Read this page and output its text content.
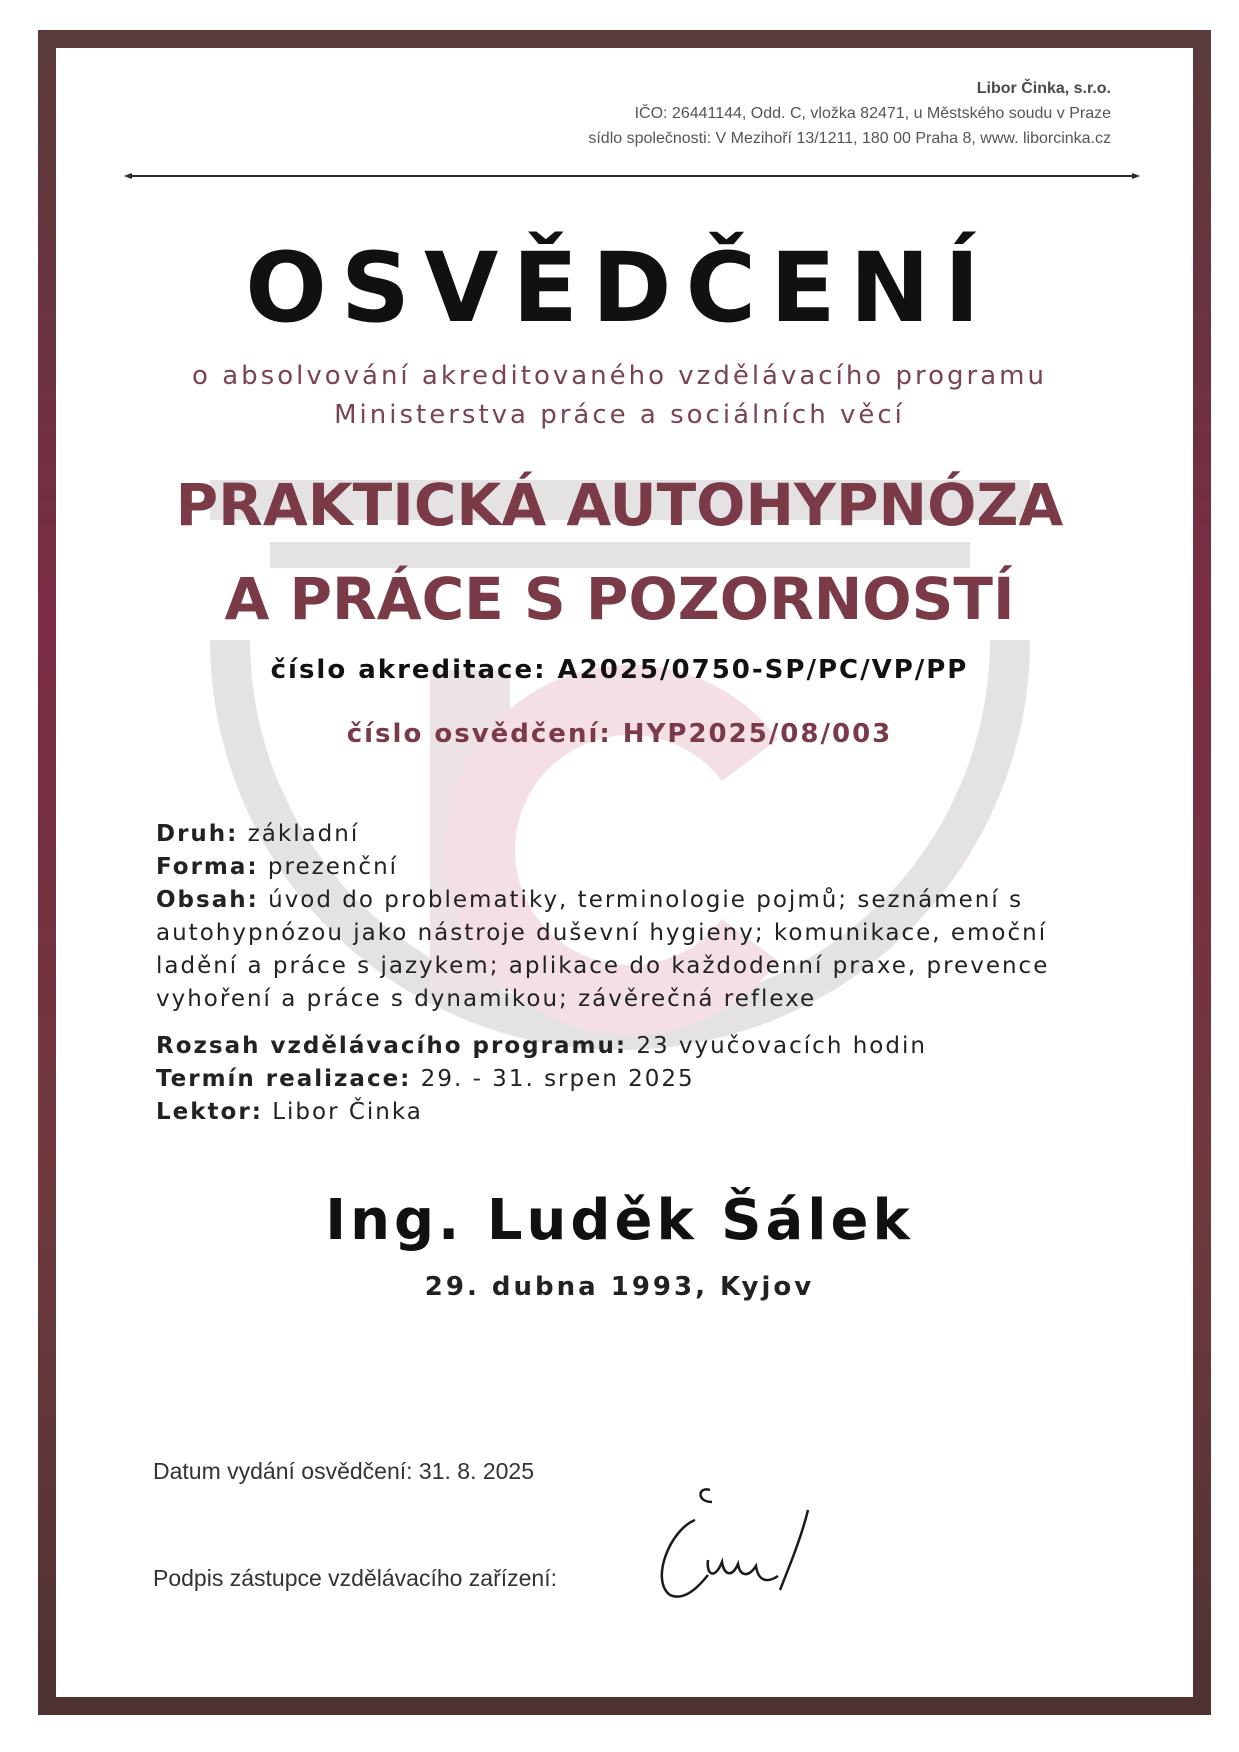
Libor Činka, s.r.o.
IČO: 26441144, Odd. C, vložka 82471, u Městského soudu v Praze
sídlo společnosti: V Mezihoří 13/1211, 180 00 Praha 8, www. liborcinka.cz
OSVĚDČENÍ
o absolvování akreditovaného vzdělávacího programu
Ministerstva práce a sociálních věcí
PRAKTICKÁ AUTOHYPNÓZA
A PRÁCE S POZORNOSTÍ
číslo akreditace: A2025/0750-SP/PC/VP/PP
číslo osvědčení: HYP2025/08/003
Druh: základní
Forma: prezenční
Obsah: úvod do problematiky, terminologie pojmů; seznámení s
autohypnózou jako nástroje duševní hygieny; komunikace, emoční
ladění a práce s jazykem; aplikace do každodenní praxe, prevence
vyhoření a práce s dynamikou; závěrečná reflexe
Rozsah vzdělávacího programu: 23 vyučovacích hodin
Termín realizace: 29. - 31. srpen 2025
Lektor: Libor Činka
Ing. Luděk Šálek
29. dubna 1993, Kyjov
Datum vydání osvědčení: 31. 8. 2025
Podpis zástupce vzdělávacího zařízení:
